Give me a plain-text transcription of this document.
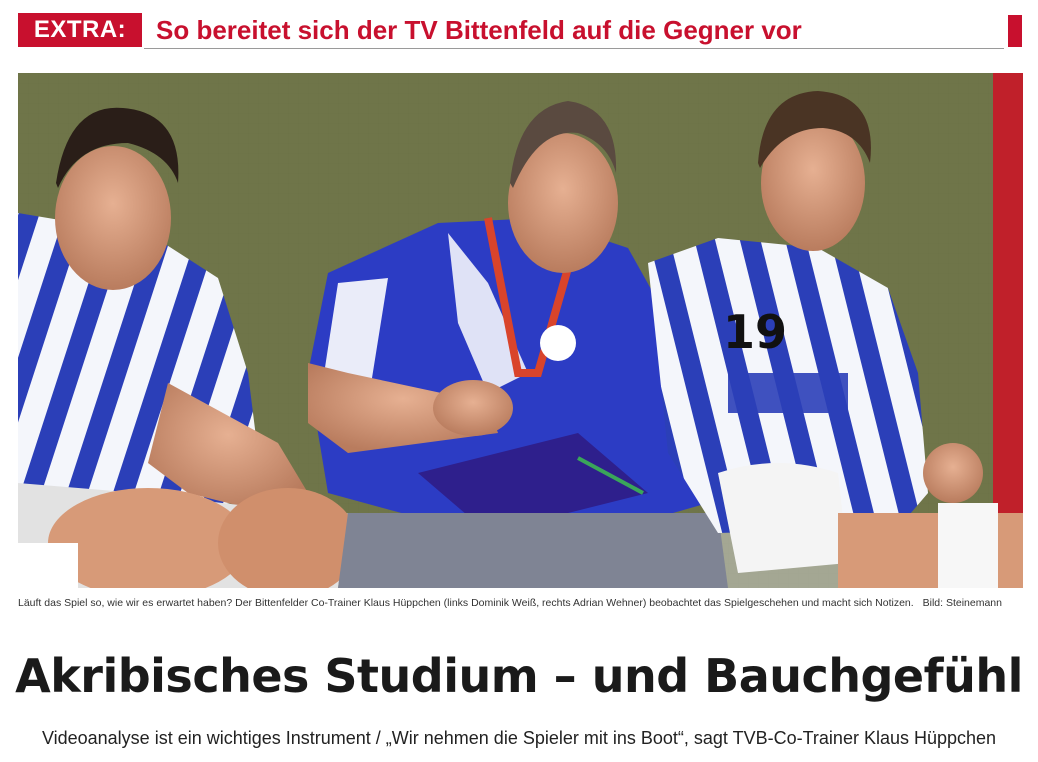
EXTRA:	So bereitet sich der TV Bittenfeld auf die Gegner vor
19
Läuft das Spiel so, wie wir es erwartet haben? Der Bittenfelder Co-Trainer Klaus Hüppchen (links Dominik Weiß, rechts Adrian Wehner) beobachtet das Spielgeschehen und macht sich Notizen. Bild: Steinemann
Akribisches Studium – und Bauchgefühl
Videoanalyse ist ein wichtiges Instrument / „Wir nehmen die Spieler mit ins Boot“, sagt TVB-Co-Trainer Klaus Hüppchen
